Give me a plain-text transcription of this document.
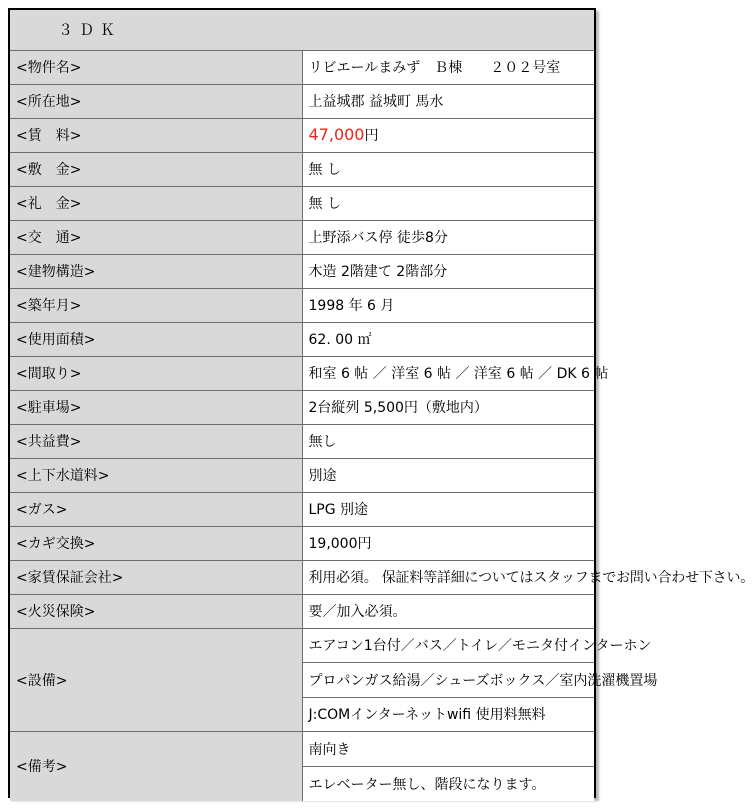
３ＤＫ	
<物件名>	リビエールまみず　Ｂ棟　　２０２号室
<所在地>	上益城郡 益城町 馬水
<賃　料>	47,000円
<敷　金>	無 し
<礼　金>	無 し
<交　通>	上野添バス停 徒歩8分
<建物構造>	木造 2階建て 2階部分
<築年月>	1998 年 6 月
<使用面積>	62. 00 ㎡
<間取り>	和室 6 帖 ／ 洋室 6 帖 ／ 洋室 6 帖 ／ DK 6 帖
<駐車場>	2台縦列 5,500円（敷地内）
<共益費>	無し
<上下水道料>	別途
<ガス>	LPG 別途
<カギ交換>	19,000円
<家賃保証会社>	利用必須。 保証料等詳細についてはスタッフまでお問い合わせ下さい。
<火災保険>	要／加入必須。
<設備>	エアコン1台付／バス／トイレ／モニタ付インターホン
	プロパンガス給湯／シューズボックス／室内洗濯機置場
	J:COMインターネットwifi 使用料無料
<備考>	南向き
	エレベーター無し、階段になります。
